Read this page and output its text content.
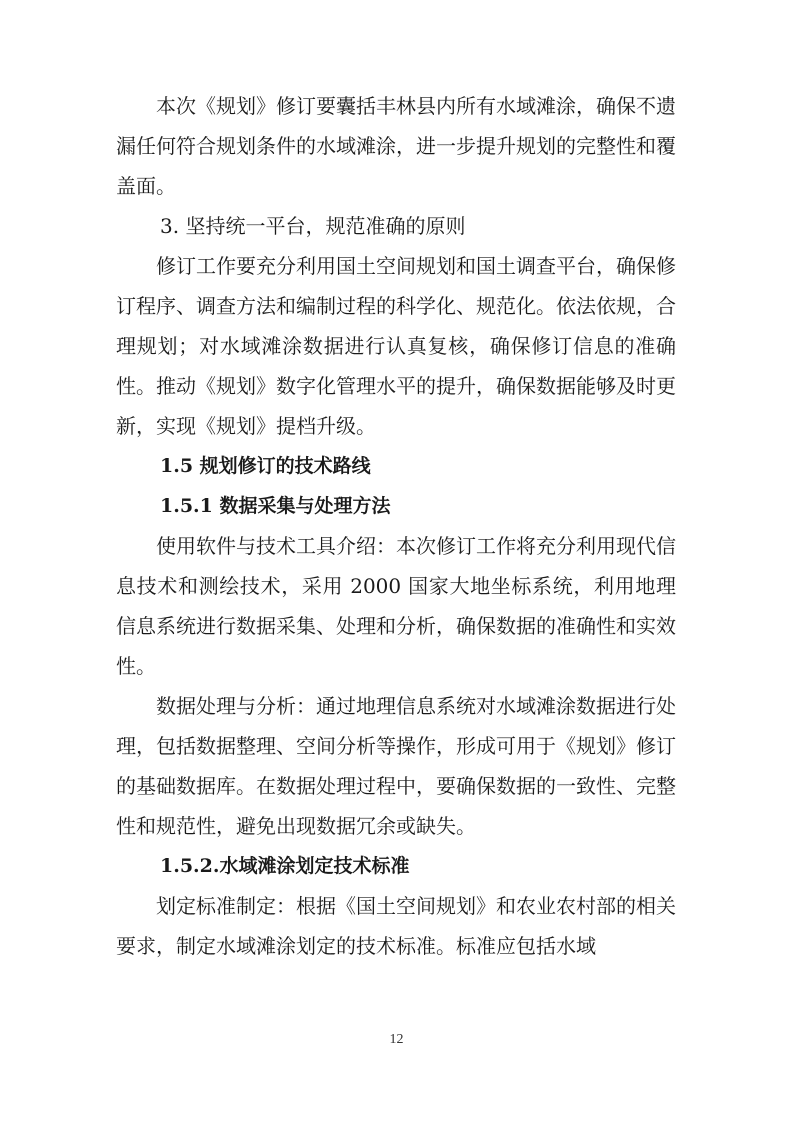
本次《规划》修订要囊括丰林县内所有水域滩涂，确保不遗漏任何符合规划条件的水域滩涂，进一步提升规划的完整性和覆盖面。

3. 坚持统一平台，规范准确的原则

修订工作要充分利用国土空间规划和国土调查平台，确保修订程序、调查方法和编制过程的科学化、规范化。依法依规，合理规划；对水域滩涂数据进行认真复核，确保修订信息的准确性。推动《规划》数字化管理水平的提升，确保数据能够及时更新，实现《规划》提档升级。

1.5 规划修订的技术路线

1.5.1 数据采集与处理方法

使用软件与技术工具介绍：本次修订工作将充分利用现代信息技术和测绘技术，采用 2000 国家大地坐标系统，利用地理信息系统进行数据采集、处理和分析，确保数据的准确性和实效性。

数据处理与分析：通过地理信息系统对水域滩涂数据进行处理，包括数据整理、空间分析等操作，形成可用于《规划》修订的基础数据库。在数据处理过程中，要确保数据的一致性、完整性和规范性，避免出现数据冗余或缺失。

1.5.2.水域滩涂划定技术标准

划定标准制定：根据《国土空间规划》和农业农村部的相关要求，制定水域滩涂划定的技术标准。标准应包括水域

12
